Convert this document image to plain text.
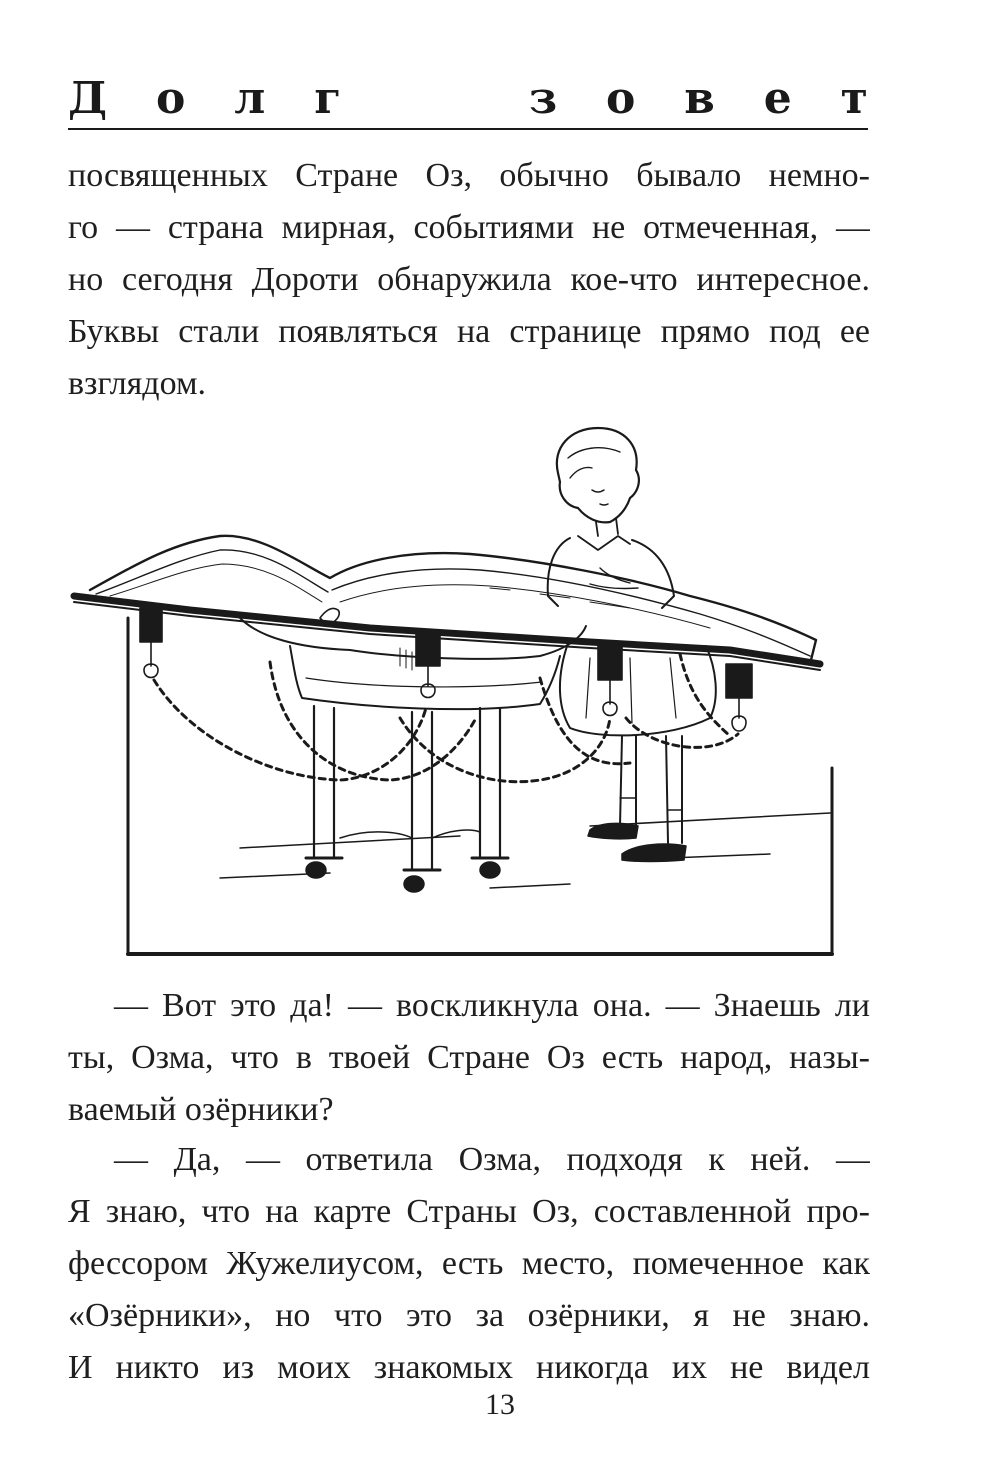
Д о л г	з о в е т
посвященных Стране Оз, обычно бывало немно-
го — страна мирная, событиями не отмеченная, —
но сегодня Дороти обнаружила кое-что интересное.
Буквы стали появляться на странице прямо под ее
взглядом.
— Вот это да! — воскликнула она. — Знаешь ли
ты, Озма, что в твоей Стране Оз есть народ, назы-
ваемый озёрники?
— Да, — ответила Озма, подходя к ней. —
Я знаю, что на карте Страны Оз, составленной про-
фессором Жужелиусом, есть место, помеченное как
«Озёрники», но что это за озёрники, я не знаю.
И никто из моих знакомых никогда их не видел
13
